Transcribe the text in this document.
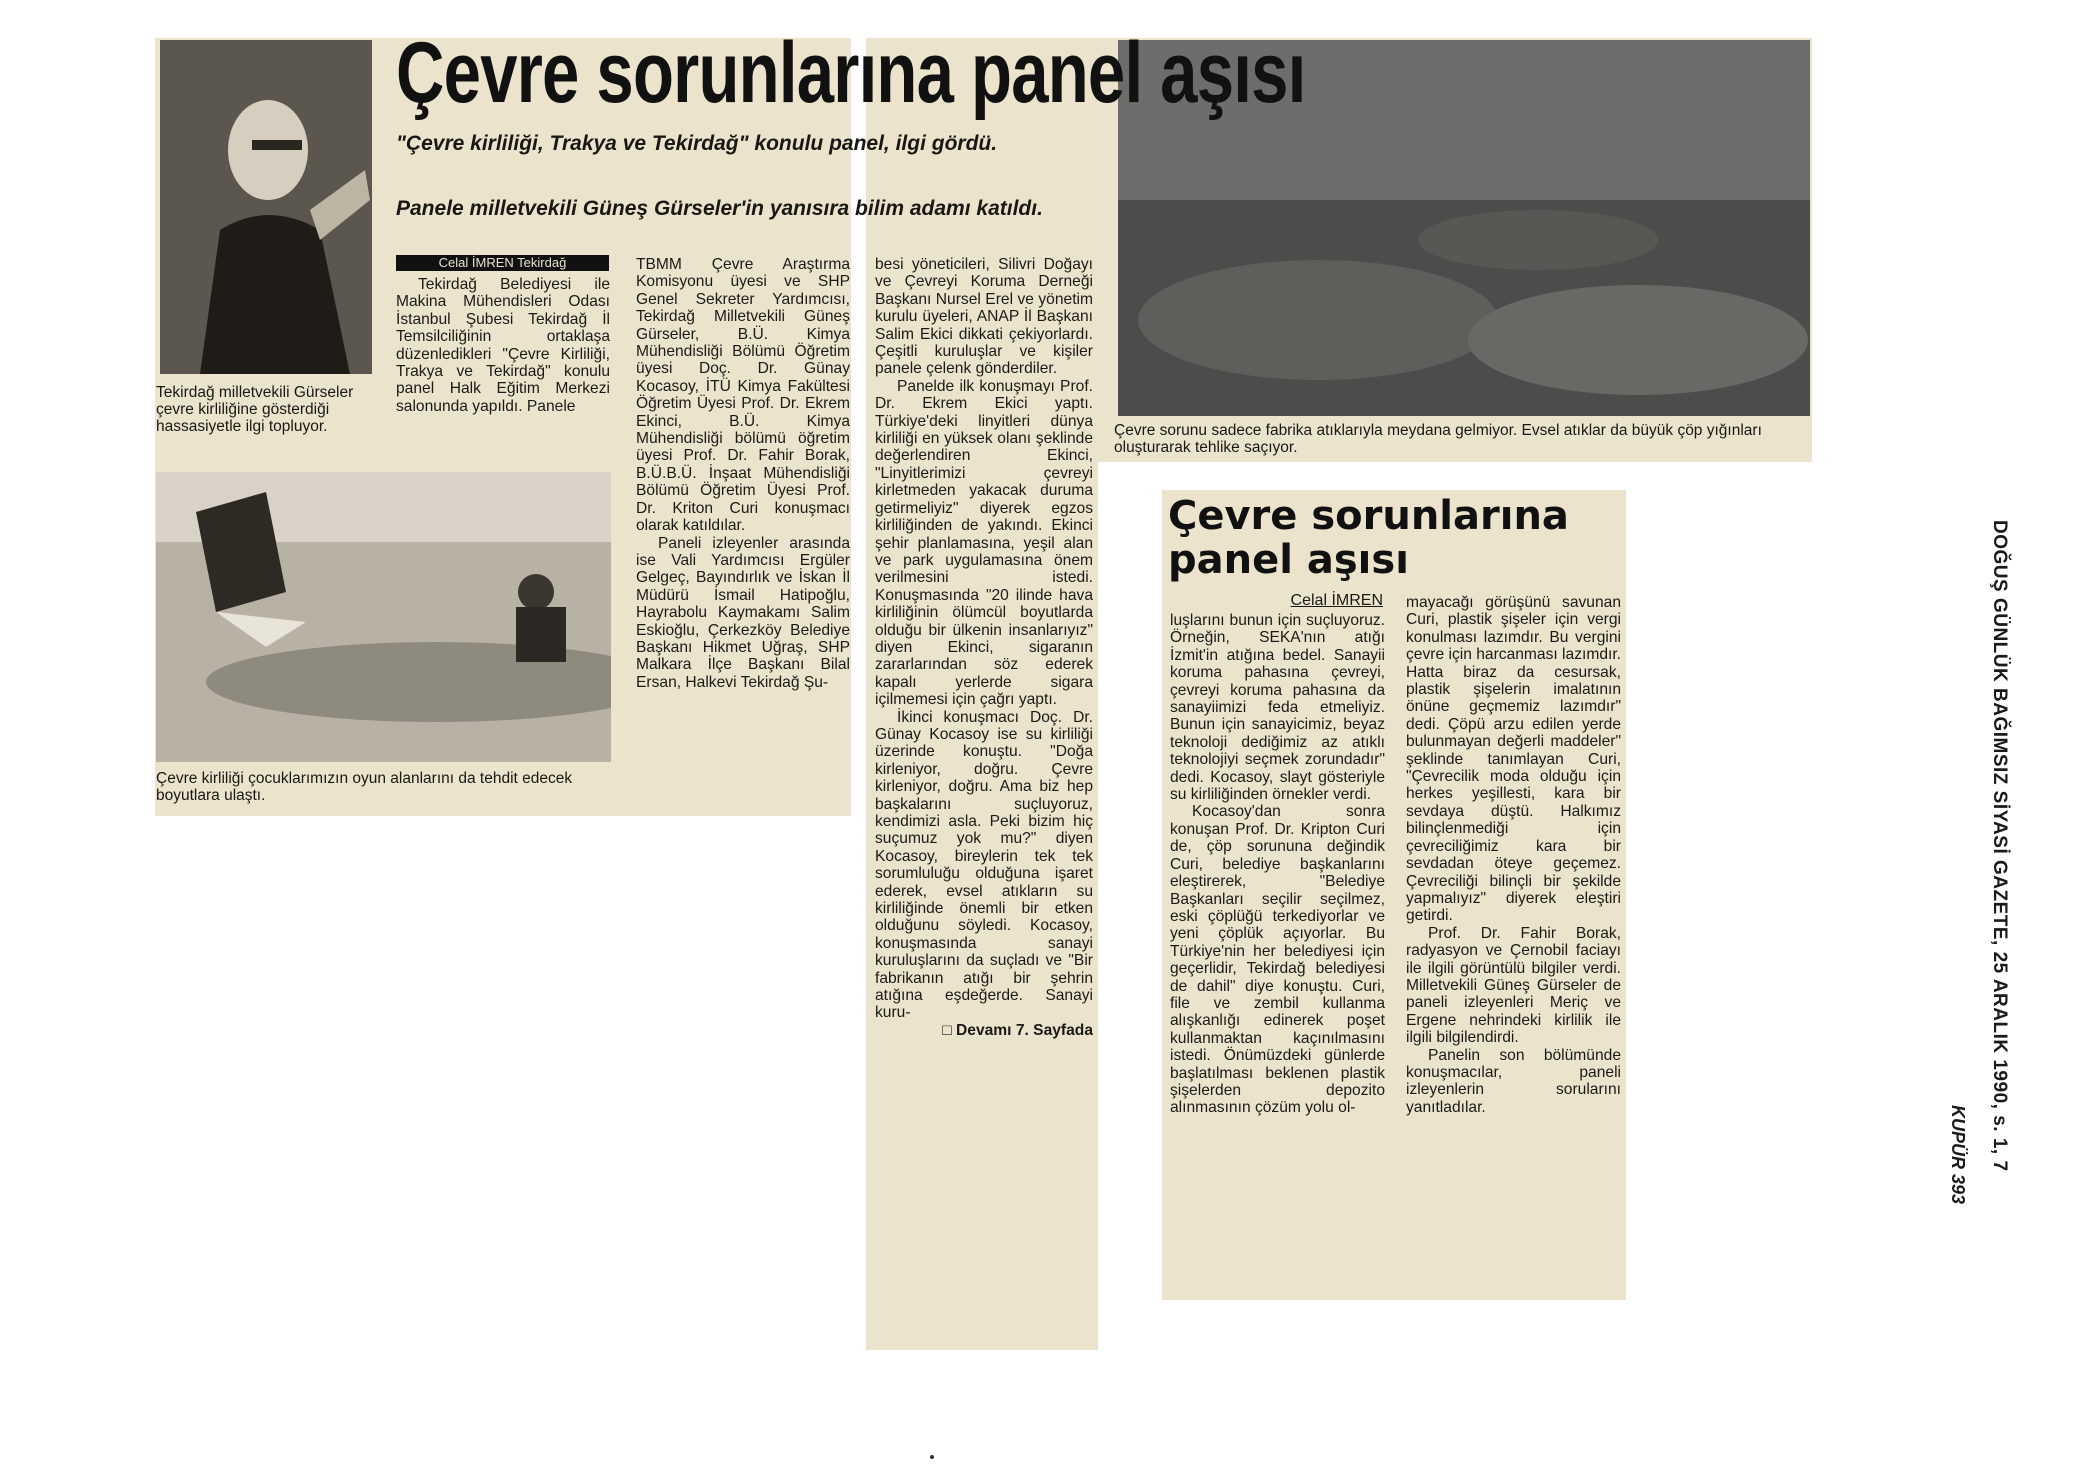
Tekirdağ milletvekili Gürseler çevre kirliliğine gösterdiği hassasiyetle ilgi topluyor.
Çevre kirliliği çocuklarımızın oyun alanlarını da tehdit edecek boyutlara ulaştı.
Çevre sorunu sadece fabrika atıklarıyla meydana gelmiyor. Evsel atıklar da büyük çöp yığınları oluşturarak tehlike saçıyor.
Çevre sorunlarına panel aşısı

"Çevre kirliliği, Trakya ve Tekirdağ" konulu panel, ilgi gördü.

Panele milletvekili Güneş Gürseler'in yanısıra bilim adamı katıldı.

Celal İMREN Tekirdağ

Tekirdağ Belediyesi ile Makina Mühendisleri Odası İstanbul Şubesi Tekirdağ İl Temsilciliğinin ortaklaşa düzenledikleri "Çevre Kirliliği, Trakya ve Tekirdağ" konulu panel Halk Eğitim Merkezi salonunda yapıldı. Panele

TBMM Çevre Araştırma Komisyonu üyesi ve SHP Genel Sekreter Yardımcısı, Tekirdağ Milletvekili Güneş Gürseler, B.Ü. Kimya Mühendisliği Bölümü Öğretim üyesi Doç. Dr. Günay Kocasoy, İTÜ Kimya Fakültesi Öğretim Üyesi Prof. Dr. Ekrem Ekinci, B.Ü. Kimya Mühendisliği bölümü öğretim üyesi Prof. Dr. Fahir Borak, B.Ü.B.Ü. İnşaat Mühendisliği Bölümü Öğretim Üyesi Prof. Dr. Kriton Curi konuşmacı olarak katıldılar.

Paneli izleyenler arasında ise Vali Yardımcısı Ergüler Gelgeç, Bayındırlık ve İskan İl Müdürü İsmail Hatipoğlu, Hayrabolu Kaymakamı Salim Eskioğlu, Çerkezköy Belediye Başkanı Hikmet Uğraş, SHP Malkara İlçe Başkanı Bilal Ersan, Halkevi Tekirdağ Şu-

besi yöneticileri, Silivri Doğayı ve Çevreyi Koruma Derneği Başkanı Nursel Erel ve yönetim kurulu üyeleri, ANAP İl Başkanı Salim Ekici dikkati çekiyorlardı. Çeşitli kuruluşlar ve kişiler panele çelenk gönderdiler.

Panelde ilk konuşmayı Prof. Dr. Ekrem Ekici yaptı. Türkiye'deki linyitleri dünya kirliliği en yüksek olanı şeklinde değerlendiren Ekinci, "Linyitlerimizi çevreyi kirletmeden yakacak duruma getirmeliyiz" diyerek egzos kirliliğinden de yakındı. Ekinci şehir planlamasına, yeşil alan ve park uygulamasına önem verilmesini istedi. Konuşmasında "20 ilinde hava kirliliğinin ölümcül boyutlarda olduğu bir ülkenin insanlarıyız" diyen Ekinci, sigaranın zararlarından söz ederek kapalı yerlerde sigara içilmemesi için çağrı yaptı.

İkinci konuşmacı Doç. Dr. Günay Kocasoy ise su kirliliği üzerinde konuştu. "Doğa kirleniyor, doğru. Çevre kirleniyor, doğru. Ama biz hep başkalarını suçluyoruz, kendimizi asla. Peki bizim hiç suçumuz yok mu?" diyen Kocasoy, bireylerin tek tek sorumluluğu olduğuna işaret ederek, evsel atıkların su kirliliğinde önemli bir etken olduğunu söyledi. Kocasoy, konuşmasında sanayi kuruluşlarını da suçladı ve "Bir fabrikanın atığı bir şehrin atığına eşdeğerde. Sanayi kuru-

□ Devamı 7. Sayfada

Çevre sorunlarına panel aşısı

Celal İMREN

luşlarını bunun için suçluyoruz. Örneğin, SEKA'nın atığı İzmit'in atığına bedel. Sanayii koruma pahasına çevreyi, çevreyi koruma pahasına da sanayiimizi feda etmeliyiz. Bunun için sanayicimiz, beyaz teknoloji dediğimiz az atıklı teknolojiyi seçmek zorundadır" dedi. Kocasoy, slayt gösteriyle su kirliliğinden örnekler verdi.

Kocasoy'dan sonra konuşan Prof. Dr. Kripton Curi de, çöp sorununa değindik Curi, belediye başkanlarını eleştirerek, "Belediye Başkanları seçilir seçilmez, eski çöplüğü terkediyorlar ve yeni çöplük açıyorlar. Bu Türkiye'nin her belediyesi için geçerlidir, Tekirdağ belediyesi de dahil" diye konuştu. Curi, file ve zembil kullanma alışkanlığı edinerek poşet kullanmaktan kaçınılmasını istedi. Önümüzdeki günlerde başlatılması beklenen plastik şişelerden depozito alınmasının çözüm yolu ol-

mayacağı görüşünü savunan Curi, plastik şişeler için vergi konulması lazımdır. Bu vergini çevre için harcanması lazımdır. Hatta biraz da cesursak, plastik şişelerin imalatının önüne geçmemiz lazımdır" dedi. Çöpü arzu edilen yerde bulunmayan değerli maddeler" şeklinde tanımlayan Curi, "Çevrecilik moda olduğu için herkes yeşillesti, kara bir sevdaya düştü. Halkımız bilinçlenmediği için çevreciliğimiz kara bir sevdadan öteye geçemez. Çevreciliği bilinçli bir şekilde yapmalıyız" diyerek eleştiri getirdi.

Prof. Dr. Fahir Borak, radyasyon ve Çernobil faciayı ile ilgili görüntülü bilgiler verdi. Milletvekili Güneş Gürseler de paneli izleyenleri Meriç ve Ergene nehrindeki kirlilik ile ilgili bilgilendirdi.

Panelin son bölümünde konuşmacılar, paneli izleyenlerin sorularını yanıtladılar.	DOĞUŞ GÜNLÜK BAĞIMSIZ SİYASİ GAZETE, 25 ARALIK 1990, s. 1, 7
KUPÜR 393
